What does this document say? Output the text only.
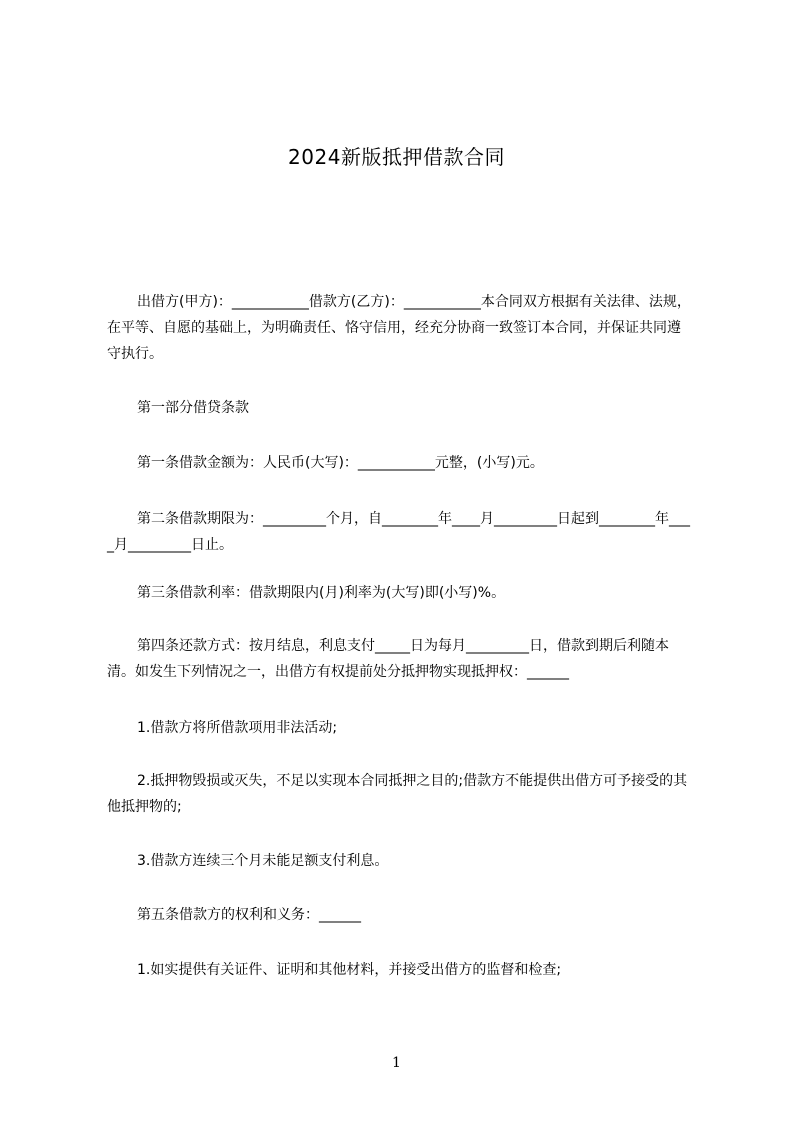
2024新版抵押借款合同
出借方(甲方)：___________借款方(乙方)：___________本合同双方根据有关法律、法规，在平等、自愿的基础上，为明确责任、恪守信用，经充分协商一致签订本合同，并保证共同遵守执行。
第一部分借贷条款
第一条借款金额为：人民币(大写)：___________元整，(小写)元。
第二条借款期限为：_________个月，自________年____月_________日起到________年____月_________日止。
第三条借款利率：借款期限内(月)利率为(大写)即(小写)%。
第四条还款方式：按月结息，利息支付_____日为每月_________日，借款到期后利随本清。如发生下列情况之一，出借方有权提前处分抵押物实现抵押权：______
1.借款方将所借款项用非法活动;
2.抵押物毁损或灭失，不足以实现本合同抵押之目的;借款方不能提供出借方可予接受的其他抵押物的;
3.借款方连续三个月未能足额支付利息。
第五条借款方的权利和义务：______
1.如实提供有关证件、证明和其他材料，并接受出借方的监督和检查;
1
